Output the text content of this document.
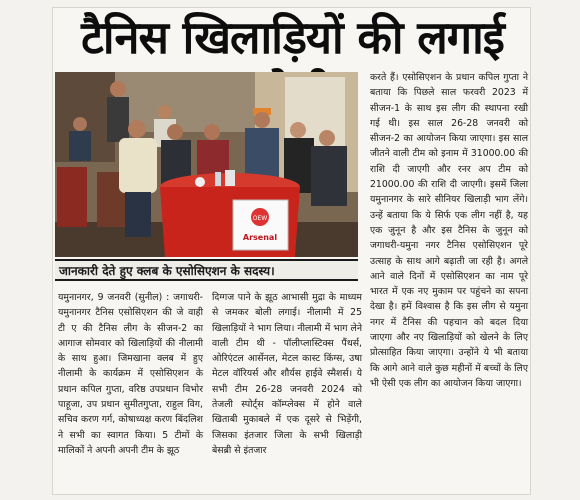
टैनिस खिलाड़ियों की लगाई
OEW
Arsenal
जानकारी देते हुए क्लब के एसोसिएशन के सदस्य।

करते हैं। एसोसिएशन के प्रधान कपिल गुप्ता ने बताया कि पिछले साल फरवरी 2023 में सीजन-1 के साथ इस लीग की स्थापना रखी गई थी। इस साल 26-28 जनवरी को सीजन-2 का आयोजन किया जाएगा। इस साल जीतने वाली टीम को इनाम में 31000.00 की राशि दी जाएगी और रनर अप टीम को 21000.00 की राशि दी जाएगी। इसमें जिला यमुनानगर के सारे सीनियर खिलाड़ी भाग लेंगे। उन्हें बताया कि ये सिर्फ एक लीग नहीं है, यह एक जुनून है और इस टैनिस के जुनून को जगाधरी-यमुना नगर टैनिस एसोसिएशन पूरे उत्साह के साथ आगे बढ़ाती जा रही है। अगले आने वाले दिनों में एसोसिएशन का नाम पूरे भारत में एक नए मुकाम पर पहुंचने का सपना देखा है। हमें विश्वास है कि इस लीग से यमुना नगर में टैनिस की पहचान को बदल दिया जाएगा और नए खिलाड़ियों को खेलने के लिए प्रोत्साहित किया जाएगा। उन्होंने ये भी बताया कि आगे आने वाले कुछ महीनों में बच्चों के लिए भी ऐसी एक लीग का आयोजन किया जाएगा।

यमुनानगर, 9 जनवरी (सुनील) : जगाधरी-यमुनानगर टैनिस एसोसिएशन की जे वाही टी ए की टैनिस लीग के सीजन-2 का आगाज सोमवार को खिलाड़ियों की नीलामी के साथ हुआ। जिमखाना क्लब में हुए नीलामी के कार्यक्रम में एसोसिएशन के प्रधान कपिल गुप्ता, वरिष्ठ उपप्रधान विभोर पाहूजा, उप प्रधान सुमीतगुप्ता, राहुल विग, सचिव करण गर्ग, कोषाध्यक्ष करण बिंदलिश ने सभी का स्वागत किया। 5 टीमों के मालिकों ने अपनी अपनी टीम के झूठ

दिग्गज पाने के झूठ आभासी मुद्रा के माध्यम से जमकर बोली लगाई। नीलामी में 25 खिलाड़ियों ने भाग लिया। नीलामी में भाग लेने वाली टीम थी - पॉलीप्लास्टिक्स पैंथर्स, ओरिएंटल आर्सेनल, मेटल कास्ट किंग्स, उषा मेटल वॉरियर्स और शौर्यस हाईवे स्मैशर्स। ये सभी टीम 26-28 जनवरी 2024 को तेजली स्पोर्ट्स कॉम्प्लेक्स में होने वाले खिताबी मुकाबले में एक दूसरे से भिड़ेंगी, जिसका इंतजार जिला के सभी खिलाड़ी बेसब्री से इंतजार
